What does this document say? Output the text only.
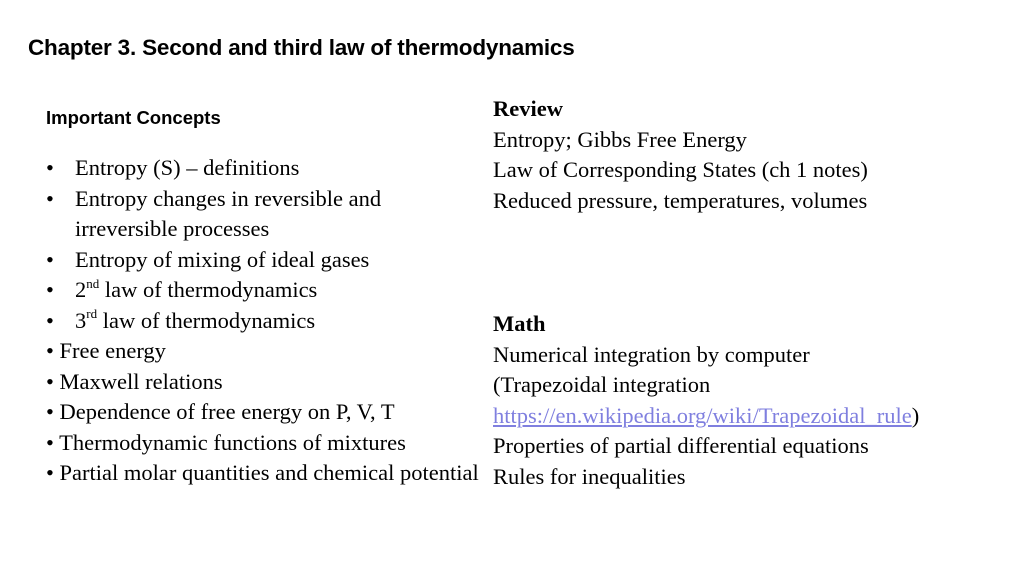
Chapter 3. Second and third law of thermodynamics
Important Concepts
• Entropy (S) – definitions
• Entropy changes in reversible and irreversible processes
• Entropy of mixing of ideal gases
• 2nd law of thermodynamics
• 3rd law of thermodynamics
• Free energy
• Maxwell relations
• Dependence of free energy on P, V, T
• Thermodynamic functions of mixtures
• Partial molar quantities and chemical potential
Review
Entropy; Gibbs Free Energy
Law of Corresponding States (ch 1 notes)
Reduced pressure, temperatures, volumes
Math
Numerical integration by computer
(Trapezoidal integration
https://en.wikipedia.org/wiki/Trapezoidal_rule)
Properties of partial differential equations
Rules for inequalities
